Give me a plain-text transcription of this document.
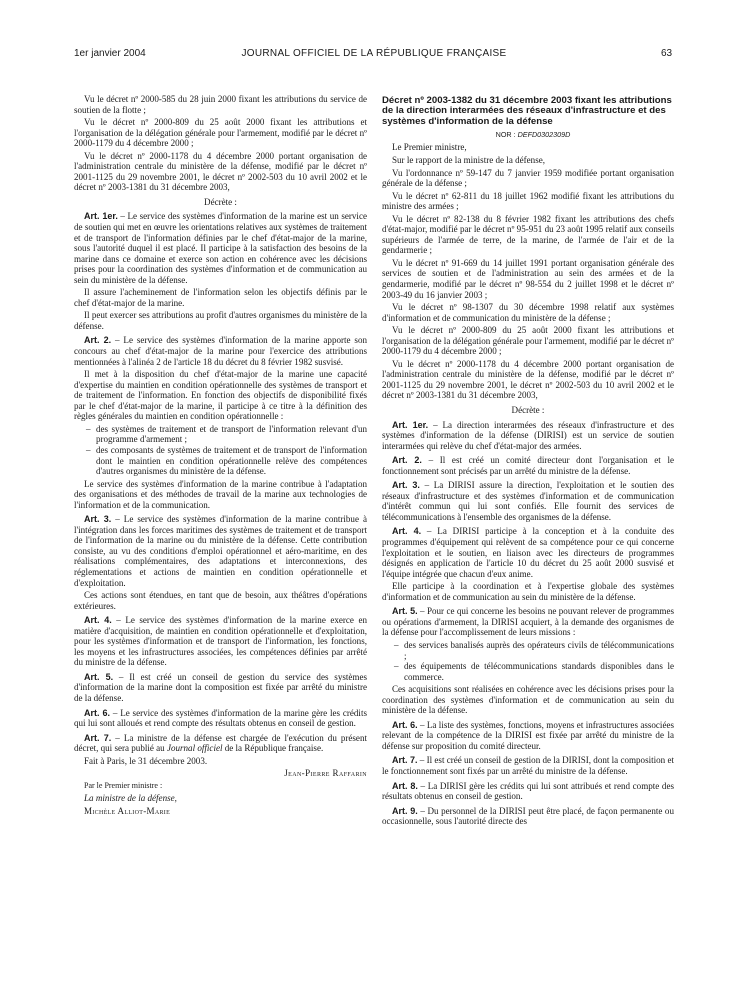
1er janvier 2004	JOURNAL OFFICIEL DE LA RÉPUBLIQUE FRANÇAISE	63

Vu le décret nº 2000-585 du 28 juin 2000 fixant les attributions du service de soutien de la flotte ;

Vu le décret nº 2000-809 du 25 août 2000 fixant les attributions et l'organisation de la délégation générale pour l'armement, modifié par le décret nº 2000-1179 du 4 décembre 2000 ;

Vu le décret nº 2000-1178 du 4 décembre 2000 portant organisation de l'administration centrale du ministère de la défense, modifié par le décret nº 2001-1125 du 29 novembre 2001, le décret nº 2002-503 du 10 avril 2002 et le décret nº 2003-1381 du 31 décembre 2003,

Décrète :

Art. 1er. – Le service des systèmes d'information de la marine est un service de soutien qui met en œuvre les orientations relatives aux systèmes de traitement et de transport de l'information définies par le chef d'état-major de la marine, sous l'autorité duquel il est placé. Il participe à la satisfaction des besoins de la marine dans ce domaine et exerce son action en cohérence avec les décisions prises pour la coordination des systèmes d'information et de communication au sein du ministère de la défense.

Il assure l'acheminement de l'information selon les objectifs définis par le chef d'état-major de la marine.

Il peut exercer ses attributions au profit d'autres organismes du ministère de la défense.

Art. 2. – Le service des systèmes d'information de la marine apporte son concours au chef d'état-major de la marine pour l'exercice des attributions mentionnées à l'alinéa 2 de l'article 18 du décret du 8 février 1982 susvisé.

Il met à la disposition du chef d'état-major de la marine une capacité d'expertise du maintien en condition opérationnelle des systèmes de transport et de traitement de l'information. En fonction des objectifs de disponibilité fixés par le chef d'état-major de la marine, il participe à ce titre à la définition des règles générales du maintien en condition opérationnelle :

– des systèmes de traitement et de transport de l'information relevant d'un programme d'armement ;
– des composants de systèmes de traitement et de transport de l'information dont le maintien en condition opérationnelle relève des compétences d'autres organismes du ministère de la défense.

Le service des systèmes d'information de la marine contribue à l'adaptation des organisations et des méthodes de travail de la marine aux technologies de l'information et de la communication.

Art. 3. – Le service des systèmes d'information de la marine contribue à l'intégration dans les forces maritimes des systèmes de traitement et de transport de l'information de la marine ou du ministère de la défense. Cette contribution consiste, au vu des conditions d'emploi opérationnel et aéro-maritime, en des réalisations complémentaires, des adaptations et interconnexions, des réglementations et actions de maintien en condition opérationnelle et d'exploitation.

Ces actions sont étendues, en tant que de besoin, aux théâtres d'opérations extérieures.

Art. 4. – Le service des systèmes d'information de la marine exerce en matière d'acquisition, de maintien en condition opérationnelle et d'exploitation, pour les systèmes d'information et de transport de l'information, les fonctions, les moyens et les infrastructures associées, les compétences définies par arrêté du ministre de la défense.

Art. 5. – Il est créé un conseil de gestion du service des systèmes d'information de la marine dont la composition est fixée par arrêté du ministre de la défense.

Art. 6. – Le service des systèmes d'information de la marine gère les crédits qui lui sont alloués et rend compte des résultats obtenus en conseil de gestion.

Art. 7. – La ministre de la défense est chargée de l'exécution du présent décret, qui sera publié au Journal officiel de la République française.

Fait à Paris, le 31 décembre 2003.

Jean-Pierre Raffarin

Par le Premier ministre :

La ministre de la défense,

Michèle Alliot-Marie

Décret nº 2003-1382 du 31 décembre 2003 fixant les attributions de la direction interarmées des réseaux d'infrastructure et des systèmes d'information de la défense

NOR : DEFD0302309D

Le Premier ministre,

Sur le rapport de la ministre de la défense,

Vu l'ordonnance nº 59-147 du 7 janvier 1959 modifiée portant organisation générale de la défense ;

Vu le décret nº 62-811 du 18 juillet 1962 modifié fixant les attributions du ministre des armées ;

Vu le décret nº 82-138 du 8 février 1982 fixant les attributions des chefs d'état-major, modifié par le décret nº 95-951 du 23 août 1995 relatif aux conseils supérieurs de l'armée de terre, de la marine, de l'armée de l'air et de la gendarmerie ;

Vu le décret nº 91-669 du 14 juillet 1991 portant organisation générale des services de soutien et de l'administration au sein des armées et de la gendarmerie, modifié par le décret nº 98-554 du 2 juillet 1998 et le décret nº 2003-49 du 16 janvier 2003 ;

Vu le décret nº 98-1307 du 30 décembre 1998 relatif aux systèmes d'information et de communication du ministère de la défense ;

Vu le décret nº 2000-809 du 25 août 2000 fixant les attributions et l'organisation de la délégation générale pour l'armement, modifié par le décret nº 2000-1179 du 4 décembre 2000 ;

Vu le décret nº 2000-1178 du 4 décembre 2000 portant organisation de l'administration centrale du ministère de la défense, modifié par le décret nº 2001-1125 du 29 novembre 2001, le décret nº 2002-503 du 10 avril 2002 et le décret nº 2003-1381 du 31 décembre 2003,

Décrète :

Art. 1er. – La direction interarmées des réseaux d'infrastructure et des systèmes d'information de la défense (DIRISI) est un service de soutien interarmées qui relève du chef d'état-major des armées.

Art. 2. – Il est créé un comité directeur dont l'organisation et le fonctionnement sont précisés par un arrêté du ministre de la défense.

Art. 3. – La DIRISI assure la direction, l'exploitation et le soutien des réseaux d'infrastructure et des systèmes d'information et de communication d'intérêt commun qui lui sont confiés. Elle fournit des services de télécommunications à l'ensemble des organismes de la défense.

Art. 4. – La DIRISI participe à la conception et à la conduite des programmes d'équipement qui relèvent de sa compétence pour ce qui concerne l'exploitation et le soutien, en liaison avec les directeurs de programmes désignés en application de l'article 10 du décret du 25 août 2000 susvisé et l'équipe intégrée que chacun d'eux anime.

Elle participe à la coordination et à l'expertise globale des systèmes d'information et de communication au sein du ministère de la défense.

Art. 5. – Pour ce qui concerne les besoins ne pouvant relever de programmes ou opérations d'armement, la DIRISI acquiert, à la demande des organismes de la défense pour l'accomplissement de leurs missions :

– des services banalisés auprès des opérateurs civils de télécommunications ;
– des équipements de télécommunications standards disponibles dans le commerce.

Ces acquisitions sont réalisées en cohérence avec les décisions prises pour la coordination des systèmes d'information et de communication au sein du ministère de la défense.

Art. 6. – La liste des systèmes, fonctions, moyens et infrastructures associées relevant de la compétence de la DIRISI est fixée par arrêté du ministre de la défense sur proposition du comité directeur.

Art. 7. – Il est créé un conseil de gestion de la DIRISI, dont la composition et le fonctionnement sont fixés par un arrêté du ministre de la défense.

Art. 8. – La DIRISI gère les crédits qui lui sont attribués et rend compte des résultats obtenus en conseil de gestion.

Art. 9. – Du personnel de la DIRISI peut être placé, de façon permanente ou occasionnelle, sous l'autorité directe des
